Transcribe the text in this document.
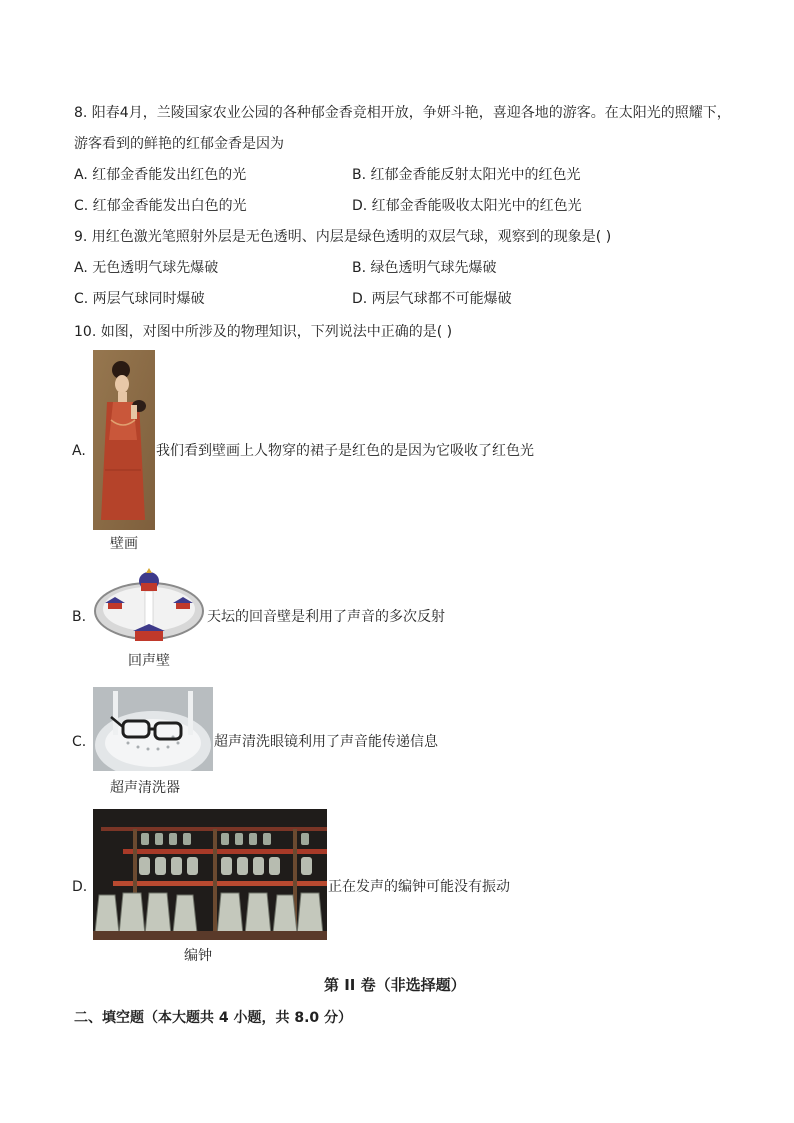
8. 阳春4月，兰陵国家农业公园的各种郁金香竞相开放，争妍斗艳，喜迎各地的游客。在太阳光的照耀下，
游客看到的鲜艳的红郁金香是因为
A. 红郁金香能发出红色的光	B. 红郁金香能反射太阳光中的红色光
C. 红郁金香能发出白色的光	D. 红郁金香能吸收太阳光中的红色光
9. 用红色激光笔照射外层是无色透明、内层是绿色透明的双层气球，观察到的现象是( )
A. 无色透明气球先爆破	B. 绿色透明气球先爆破
C. 两层气球同时爆破	D. 两层气球都不可能爆破
10. 如图，对图中所涉及的物理知识，下列说法中正确的是( )
A.	我们看到壁画上人物穿的裙子是红色的是因为它吸收了红色光
壁画
B.	天坛的回音壁是利用了声音的多次反射
回声壁
C.	超声清洗眼镜利用了声音能传递信息
超声清洗器
D.	正在发声的编钟可能没有振动
编钟
第 II 卷（非选择题）
二、填空题（本大题共 4 小题，共 8.0 分）
